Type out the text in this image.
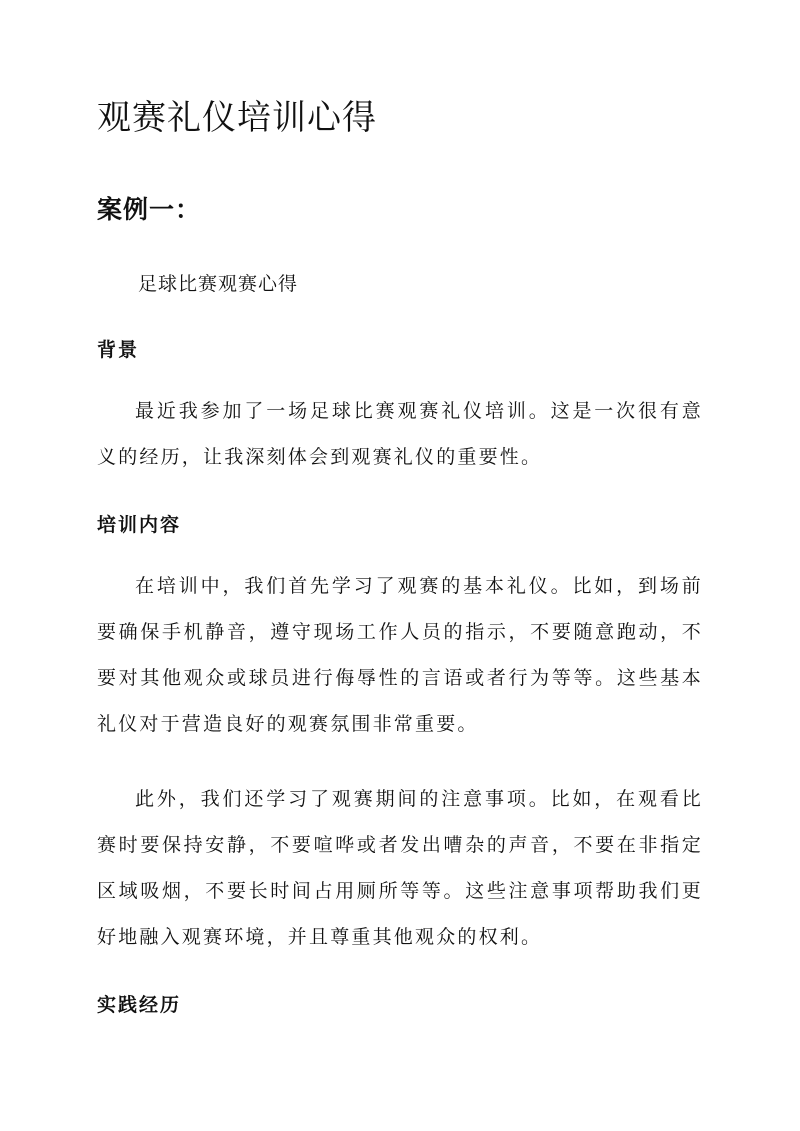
观赛礼仪培训心得
案例一：
足球比赛观赛心得
背景

最近我参加了一场足球比赛观赛礼仪培训。这是一次很有意义的经历，让我深刻体会到观赛礼仪的重要性。

培训内容

在培训中，我们首先学习了观赛的基本礼仪。比如，到场前要确保手机静音，遵守现场工作人员的指示，不要随意跑动，不要对其他观众或球员进行侮辱性的言语或者行为等等。这些基本礼仪对于营造良好的观赛氛围非常重要。

此外，我们还学习了观赛期间的注意事项。比如，在观看比赛时要保持安静，不要喧哗或者发出嘈杂的声音，不要在非指定区域吸烟，不要长时间占用厕所等等。这些注意事项帮助我们更好地融入观赛环境，并且尊重其他观众的权利。

实践经历
